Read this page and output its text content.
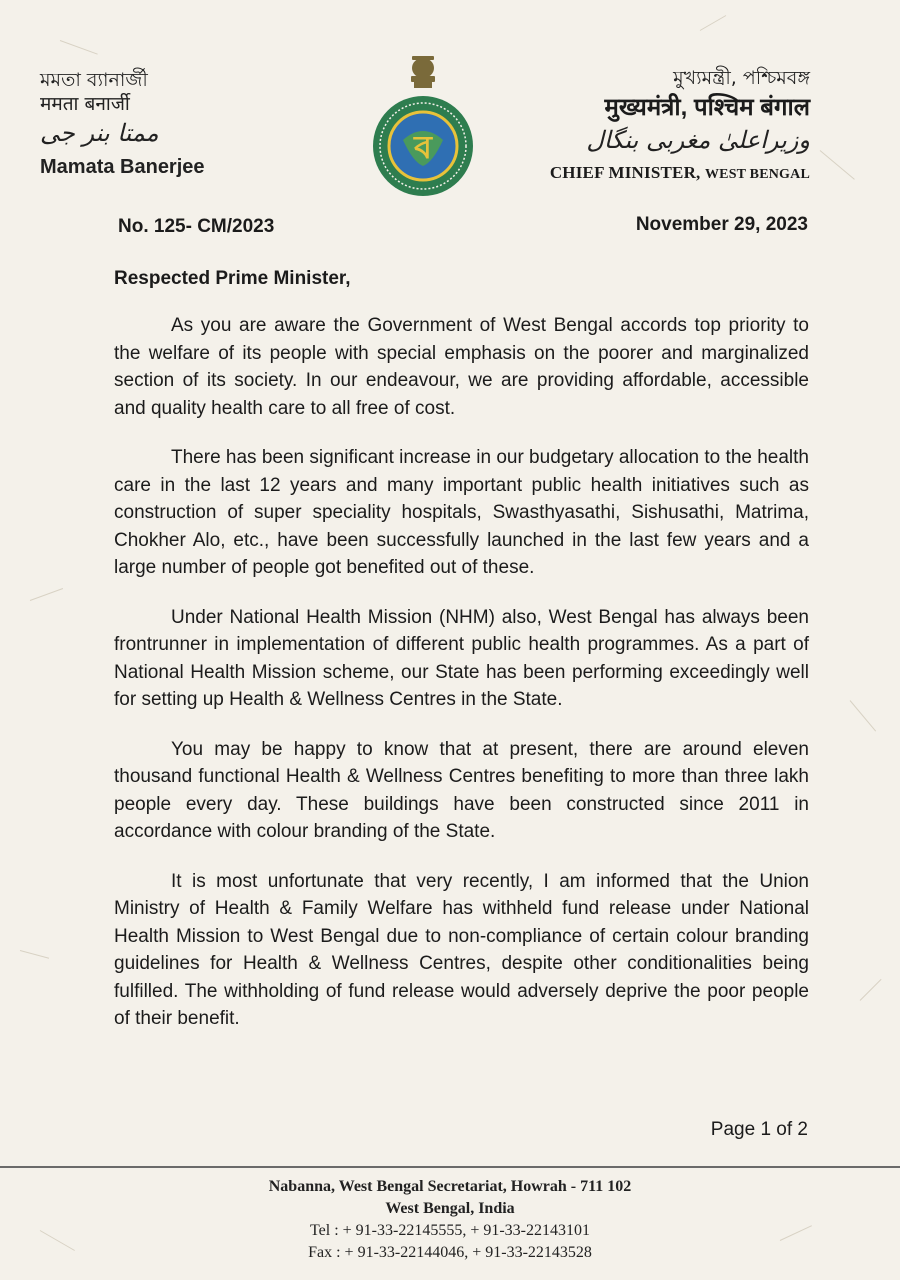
মমতা ব্যানার্জী
ममता बनार्जी
ممتا بنر جی
Mamata Banerjee
ব
মুখ্যমন্ত্রী, পশ্চিমবঙ্গ
मुख्यमंत्री, पश्चिम बंगाल
وزیراعلیٰ مغربی بنگال
CHIEF MINISTER, WEST BENGAL
No. 125- CM/2023	November 29, 2023
Respected Prime Minister,

As you are aware the Government of West Bengal accords top priority to the welfare of its people with special emphasis on the poorer and marginalized section of its society. In our endeavour, we are providing affordable, accessible and quality health care to all free of cost.

There has been significant increase in our budgetary allocation to the health care in the last 12 years and many important public health initiatives such as construction of super speciality hospitals, Swasthyasathi, Sishusathi, Matrima, Chokher Alo, etc., have been successfully launched in the last few years and a large number of people got benefited out of these.

Under National Health Mission (NHM) also, West Bengal has always been frontrunner in implementation of different public health programmes. As a part of National Health Mission scheme, our State has been performing exceedingly well for setting up Health & Wellness Centres in the State.

You may be happy to know that at present, there are around eleven thousand functional Health & Wellness Centres benefiting to more than three lakh people every day. These buildings have been constructed since 2011 in accordance with colour branding of the State.

It is most unfortunate that very recently, I am informed that the Union Ministry of Health & Family Welfare has withheld fund release under National Health Mission to West Bengal due to non-compliance of certain colour branding guidelines for Health & Wellness Centres, despite other conditionalities being fulfilled. The withholding of fund release would adversely deprive the poor people of their benefit.

Page 1 of 2
Nabanna, West Bengal Secretariat, Howrah - 711 102
West Bengal, India
Tel : + 91-33-22145555, + 91-33-22143101
Fax : + 91-33-22144046, + 91-33-22143528
